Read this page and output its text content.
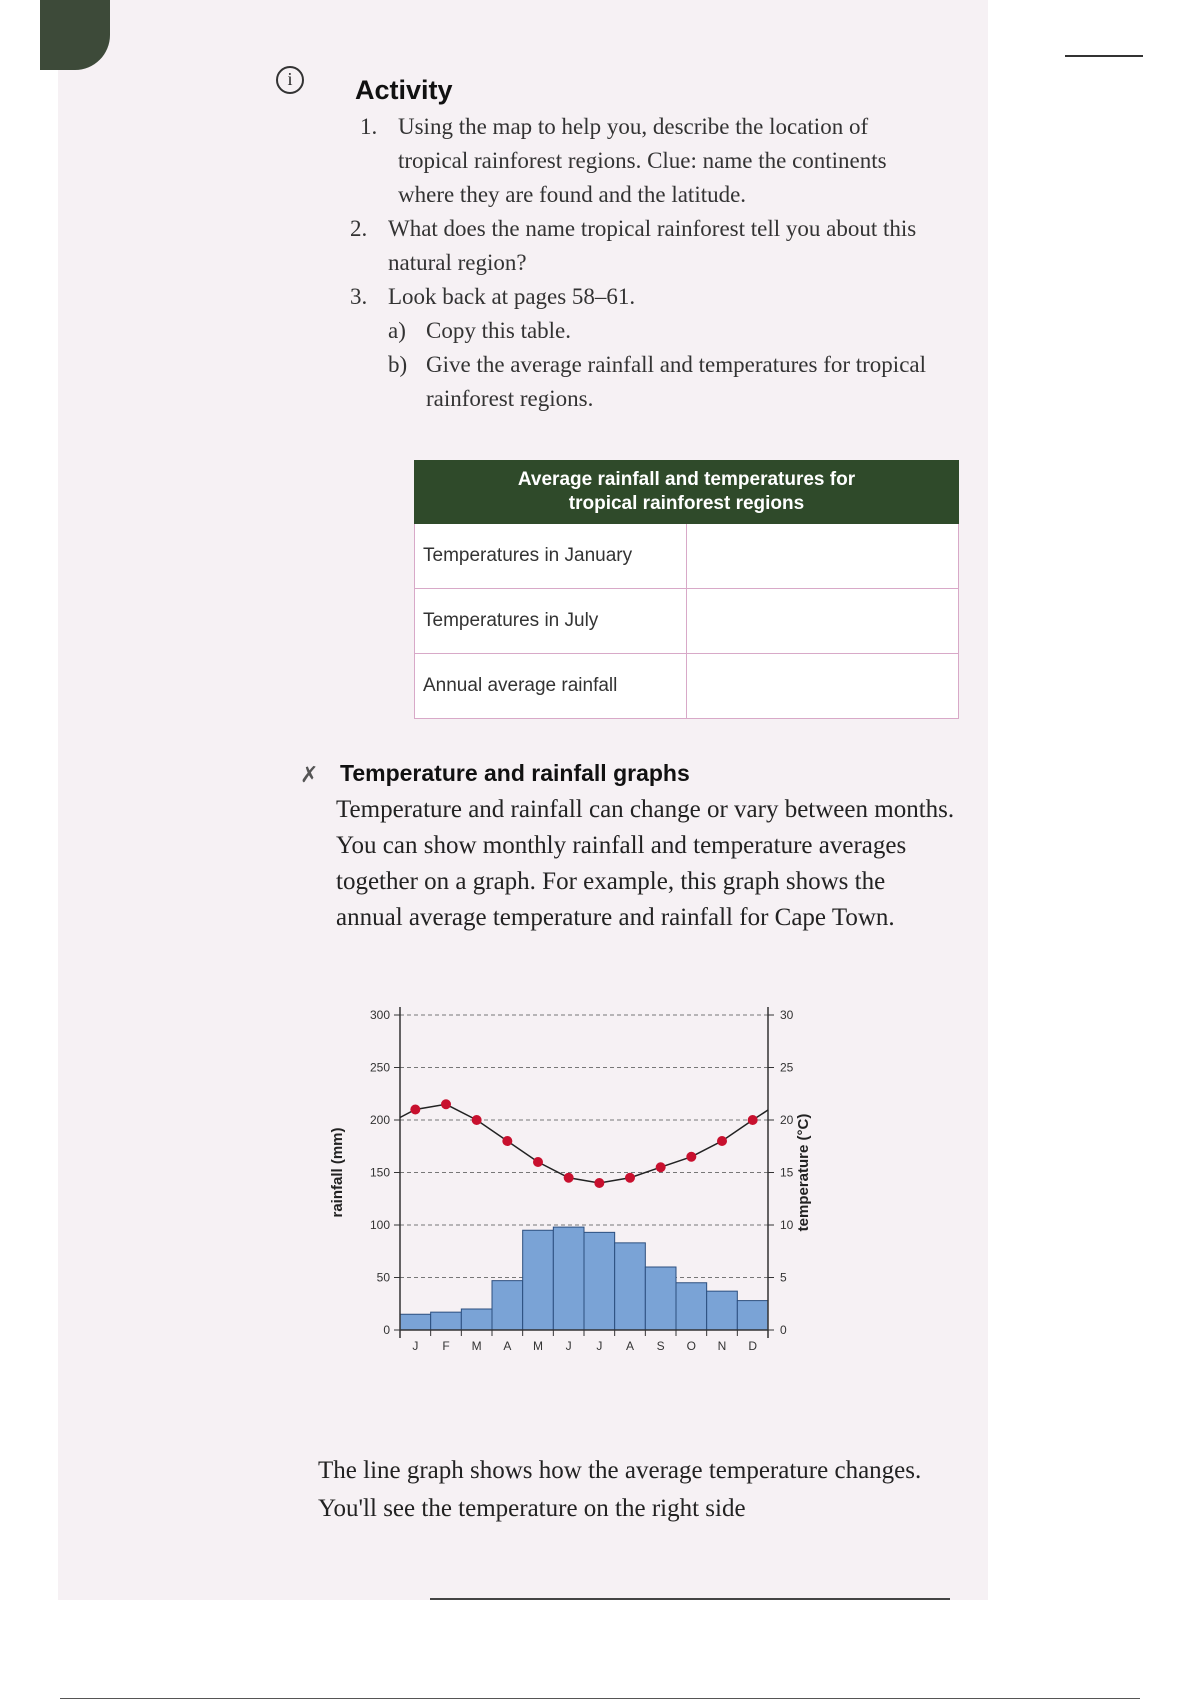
i	Activity
1. Using the map to help you, describe the location of tropical rainforest regions. Clue: name the continents where they are found and the latitude.
2. What does the name tropical rainforest tell you about this natural region?
3. Look back at pages 58–61.
a) Copy this table.
b) Give the average rainfall and temperatures for tropical rainforest regions.
Average rainfall and temperatures for
tropical rainforest regions	

Temperatures in January	
Temperatures in July	
Annual average rainfall	
✗ Temperature and rainfall graphs
Temperature and rainfall can change or vary between months. You can show monthly rainfall and temperature averages together on a graph. For example, this graph shows the annual average temperature and rainfall for Cape Town.
0
50
100
150
200
250
300
0
5
10
15
20
25
30
J F M A M J J A S O N D
rainfall (mm)	temperature (°C)
The line graph shows how the average temperature changes. You'll see the temperature on the right side
